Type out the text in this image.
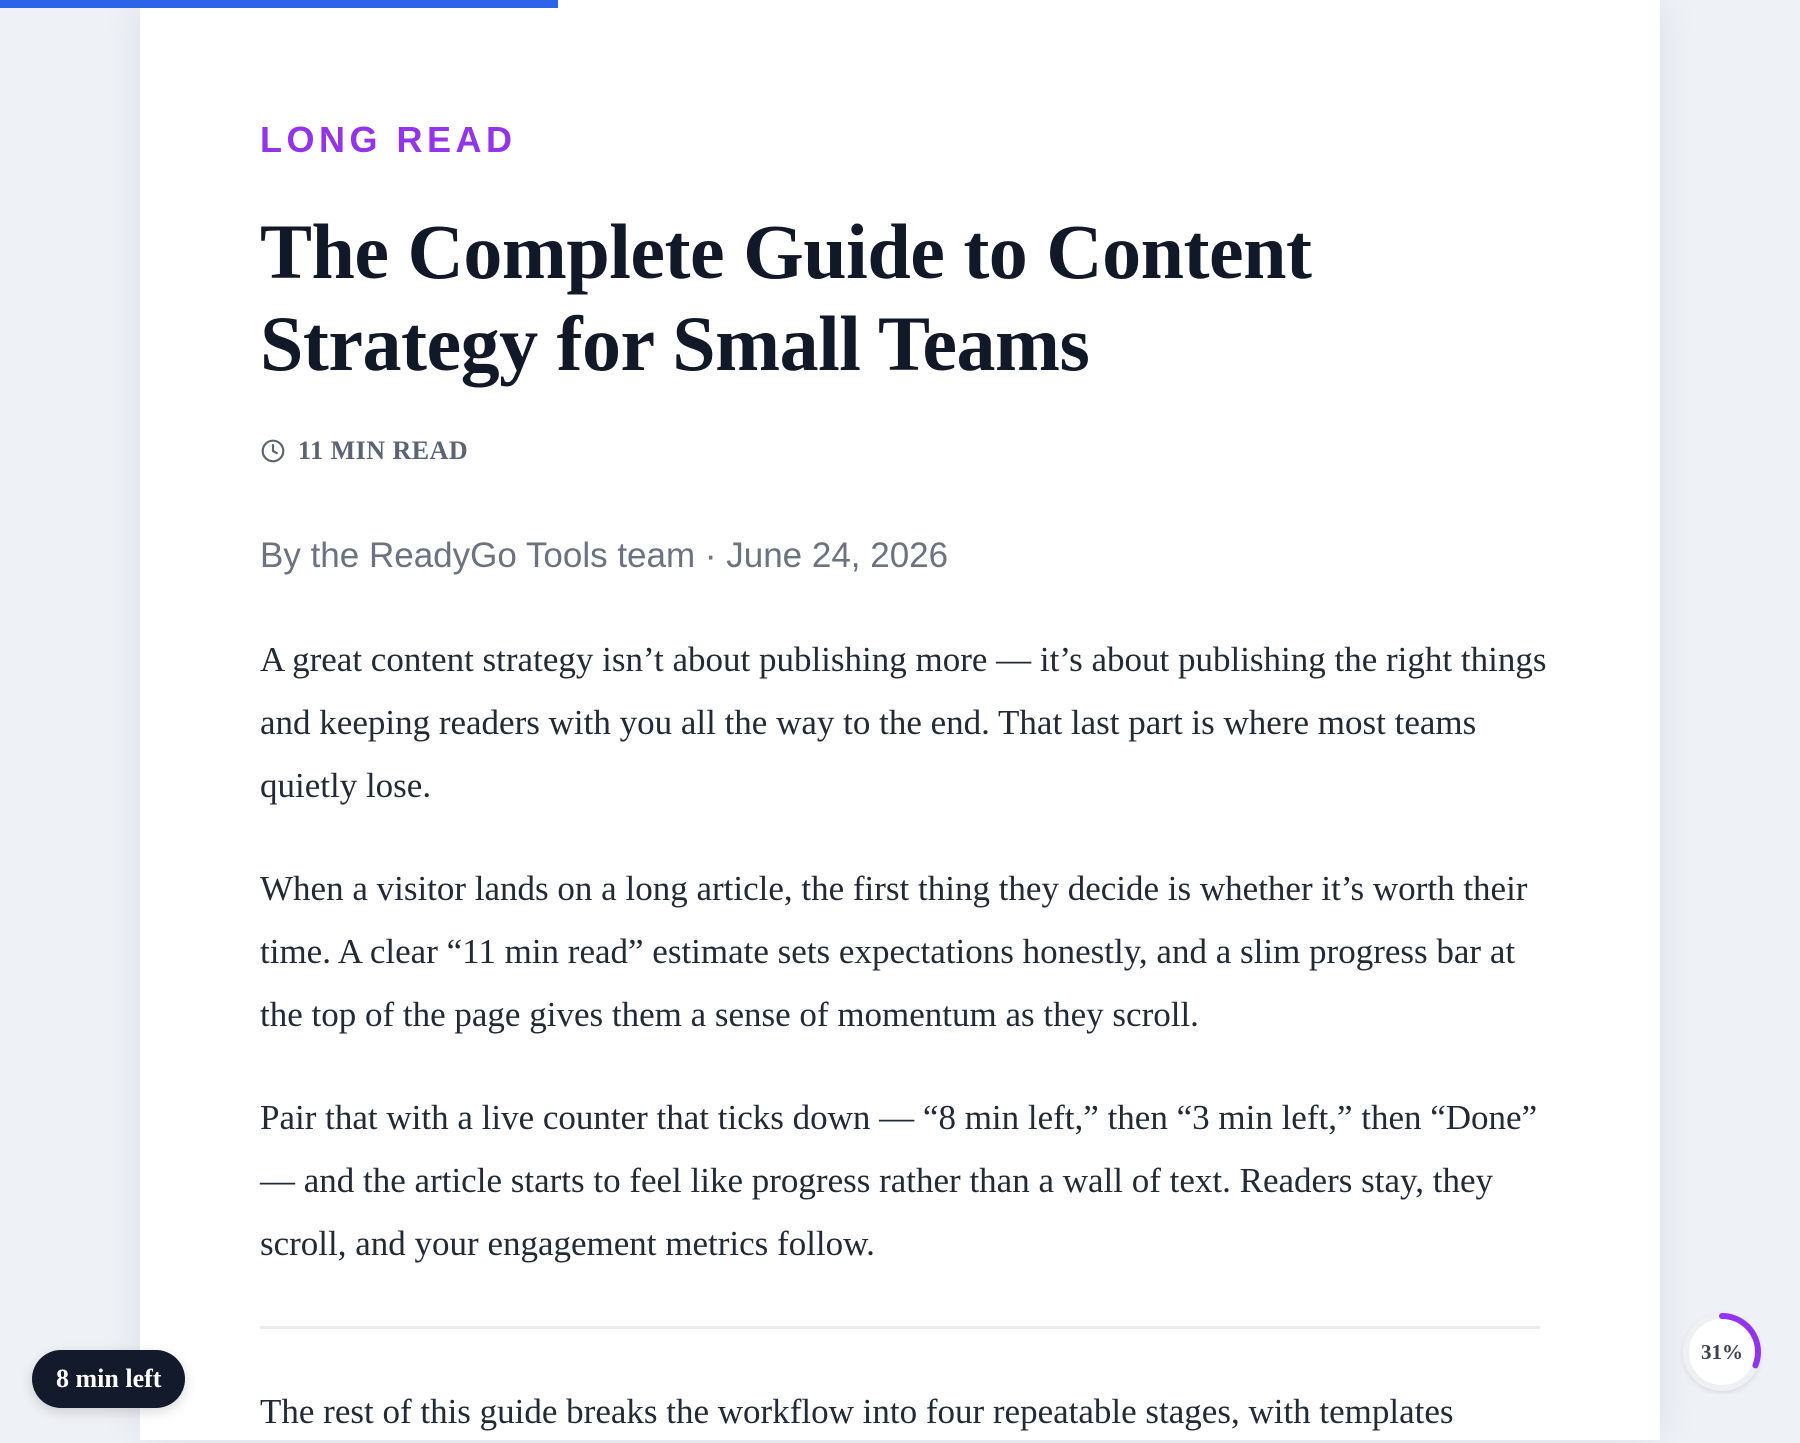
LONG READ
The Complete Guide to Content Strategy for Small Teams
11 MIN READ

By the ReadyGo Tools team · June 24, 2026

A great content strategy isn’t about publishing more — it’s about publishing the right things and keeping readers with you all the way to the end. That last part is where most teams quietly lose.

When a visitor lands on a long article, the first thing they decide is whether it’s worth their time. A clear “11 min read” estimate sets expectations honestly, and a slim progress bar at the top of the page gives them a sense of momentum as they scroll.

Pair that with a live counter that ticks down — “8 min left,” then “3 min left,” then “Done” — and the article starts to feel like progress rather than a wall of text. Readers stay, they scroll, and your engagement metrics follow.

The rest of this guide breaks the workflow into four repeatable stages, with templates

8 min left
31%
